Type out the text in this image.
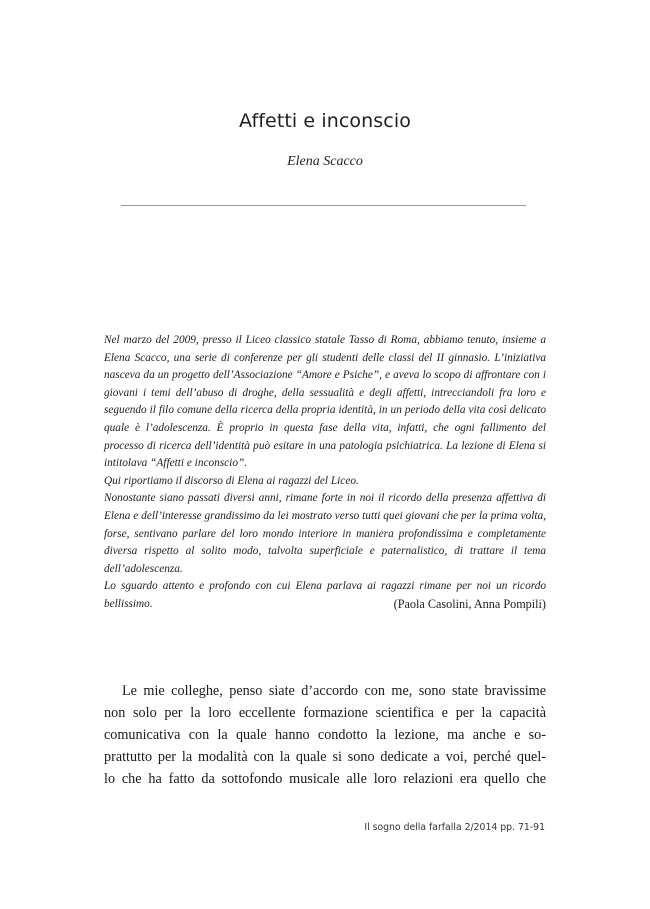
Affetti e inconscio
Elena Scacco

Nel marzo del 2009, presso il Liceo classico statale Tasso di Roma, abbiamo tenuto, insieme a Elena Scacco, una serie di conferenze per gli studenti delle classi del II ginnasio. L’iniziativa nasceva da un progetto dell’Associazione “Amore e Psiche”, e aveva lo scopo di affrontare con i giovani i temi dell’abuso di droghe, della sessualità e degli affetti, intrecciandoli fra loro e seguendo il filo comune della ricerca della propria identità, in un periodo della vita così delicato quale è l’adolescenza. È proprio in questa fase della vita, infatti, che ogni fallimento del processo di ricerca dell’identità può esitare in una patologia psichiatrica. La lezione di Elena si intitolava “Affetti e inconscio”.

Qui riportiamo il discorso di Elena ai ragazzi del Liceo.

Nonostante siano passati diversi anni, rimane forte in noi il ricordo della presenza affettiva di Elena e dell’interesse grandissimo da lei mostrato verso tutti quei giovani che per la prima volta, forse, sentivano parlare del loro mondo interiore in maniera profondissima e completamente diversa rispetto al solito modo, talvolta superficiale e paternalistico, di trattare il tema dell’adolescenza.

Lo sguardo attento e profondo con cui Elena parlava ai ragazzi rimane per noi un ricordo bellissimo.	(Paola Casolini, Anna Pompili)
Le mie colleghe, penso siate d’accordo con me, sono state bravissime
non solo per la loro eccellente formazione scientifica e per la capacità
comunicativa con la quale hanno condotto la lezione, ma anche e so-
prattutto per la modalità con la quale si sono dedicate a voi, perché quel-
lo che ha fatto da sottofondo musicale alle loro relazioni era quello che
Il sogno della farfalla 2/2014 pp. 71-91
